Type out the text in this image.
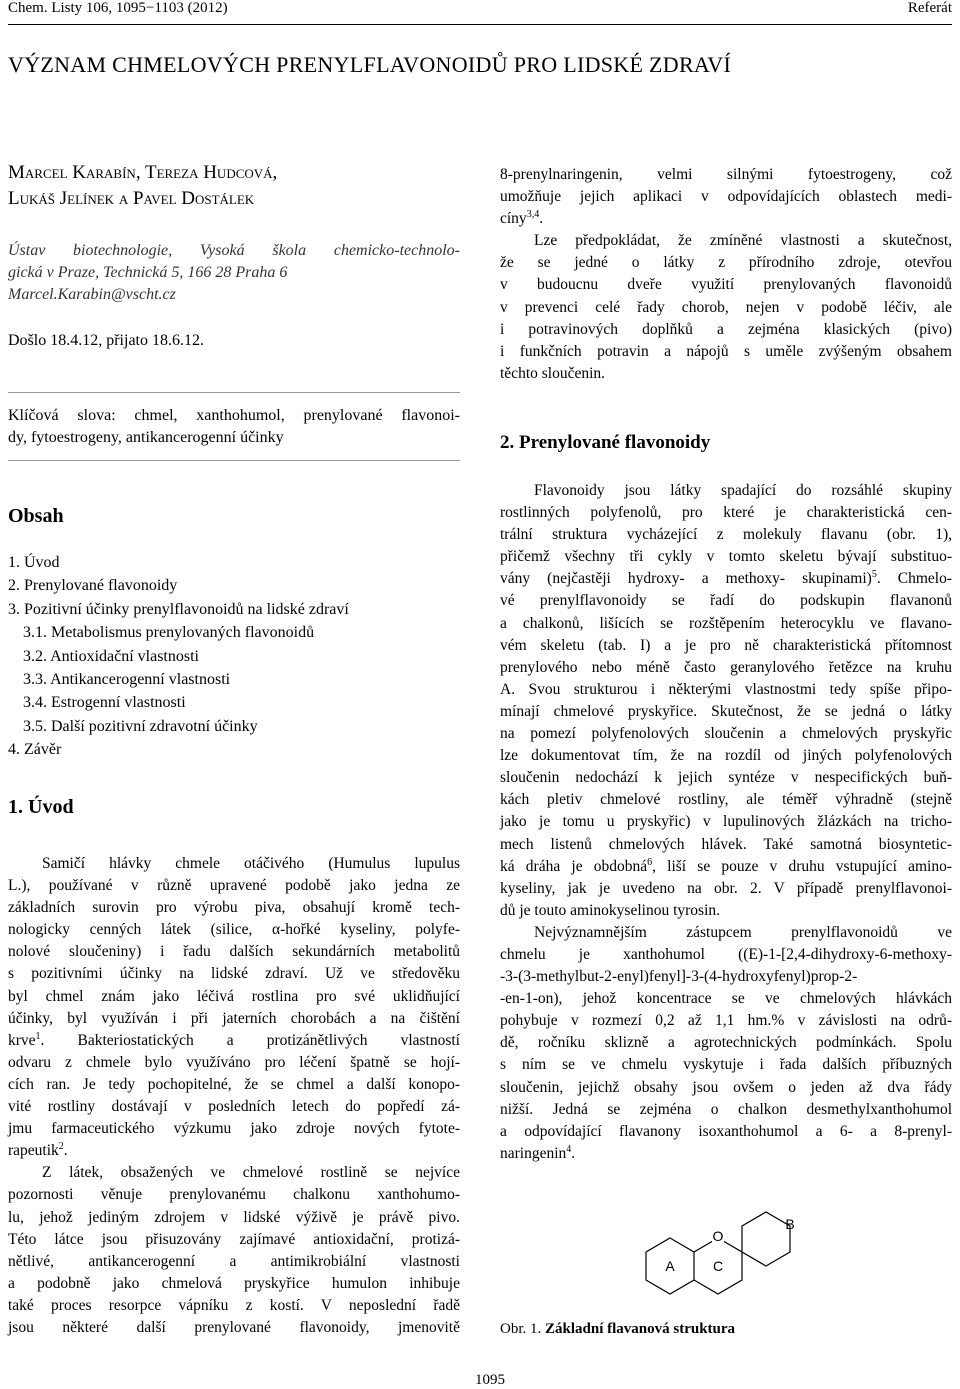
Chem. Listy 106, 1095−1103 (2012)	Referát
VÝZNAM CHMELOVÝCH PRENYLFLAVONOIDŮ PRO LIDSKÉ ZDRAVÍ
Marcel Karabín, Tereza Hudcová,
Lukáš Jelínek a Pavel Dostálek
Ústav biotechnologie, Vysoká škola chemicko-technolo-
gická v Praze, Technická 5, 166 28 Praha 6
Marcel.Karabin@vscht.cz
Došlo 18.4.12, přijato 18.6.12.
Klíčová slova: chmel, xanthohumol, prenylované flavonoi-
dy, fytoestrogeny, antikancerogenní účinky
Obsah
1. Úvod
2. Prenylované flavonoidy
3. Pozitivní účinky prenylflavonoidů na lidské zdraví
3.1. Metabolismus prenylovaných flavonoidů
3.2. Antioxidační vlastnosti
3.3. Antikancerogenní vlastnosti
3.4. Estrogenní vlastnosti
3.5. Další pozitivní zdravotní účinky
4. Závěr
1. Úvod
Samičí hlávky chmele otáčivého (Humulus lupulus
L.), používané v různě upravené podobě jako jedna ze
základních surovin pro výrobu piva, obsahují kromě tech-
nologicky cenných látek (silice, α-hořké kyseliny, polyfe-
nolové sloučeniny) i řadu dalších sekundárních metabolitů
s pozitivními účinky na lidské zdraví. Už ve středověku
byl chmel znám jako léčivá rostlina pro své uklidňující
účinky, byl využíván i při jaterních chorobách a na čištění
krve$^1$. Bakteriostatických a protizánětlivých vlastností
odvaru z chmele bylo využíváno pro léčení špatně se hojí-
cích ran. Je tedy pochopitelné, že se chmel a další konopo-
vité rostliny dostávají v posledních letech do popředí zá-
jmu farmaceutického výzkumu jako zdroje nových fytote-
rapeutik$^2$.
Z látek, obsažených ve chmelové rostlině se nejvíce
pozornosti věnuje prenylovanému chalkonu xanthohumo-
lu, jehož jediným zdrojem v lidské výživě je právě pivo.
Této látce jsou přisuzovány zajímavé antioxidační, protizá-
nětlivé, antikancerogenní a antimikrobiální vlastnosti
a podobně jako chmelová pryskyřice humulon inhibuje
také proces resorpce vápníku z kostí. V neposlední řadě
jsou některé další prenylované flavonoidy, jmenovitě
8-prenylnaringenin, velmi silnými fytoestrogeny, což
umožňuje jejich aplikaci v odpovídajících oblastech medi-
cíny$^{3,4}$.
Lze předpokládat, že zmíněné vlastnosti a skutečnost,
že se jedné o látky z přírodního zdroje, otevřou
v budoucnu dveře využití prenylovaných flavonoidů
v prevenci celé řady chorob, nejen v podobě léčiv, ale
i potravinových doplňků a zejména klasických (pivo)
i funkčních potravin a nápojů s uměle zvýšeným obsahem
těchto sloučenin.
2. Prenylované flavonoidy
Flavonoidy jsou látky spadající do rozsáhlé skupiny
rostlinných polyfenolů, pro které je charakteristická cen-
trální struktura vycházející z molekuly flavanu (obr. 1),
přičemž všechny tři cykly v tomto skeletu bývají substituo-
vány (nejčastěji hydroxy- a methoxy- skupinami)$^5$. Chmelo-
vé prenylflavonoidy se řadí do podskupin flavanonů
a chalkonů, lišících se rozštěpením heterocyklu ve flavano-
vém skeletu (tab. I) a je pro ně charakteristická přítomnost
prenylového nebo méně často geranylového řetězce na kruhu
A. Svou strukturou i některými vlastnostmi tedy spíše připo-
mínají chmelové pryskyřice. Skutečnost, že se jedná o látky
na pomezí polyfenolových sloučenin a chmelových pryskyřic
lze dokumentovat tím, že na rozdíl od jiných polyfenolových
sloučenin nedochází k jejich syntéze v nespecifických buň-
kách pletiv chmelové rostliny, ale téměř výhradně (stejně
jako je tomu u pryskyřic) v lupulinových žlázkách na tricho-
mech listenů chmelových hlávek. Také samotná biosyntetic-
ká dráha je obdobná$^6$, liší se pouze v druhu vstupující amino-
kyseliny, jak je uvedeno na obr. 2. V případě prenylflavonoi-
dů je touto aminokyselinou tyrosin.
Nejvýznamnějším zástupcem prenylflavonoidů ve
chmelu je xanthohumol ((E)-1-[2,4-dihydroxy-6-methoxy-
-3-(3-methylbut-2-enyl)fenyl]-3-(4-hydroxyfenyl)prop-2-
-en-1-on), jehož koncentrace se ve chmelových hlávkách
pohybuje v rozmezí 0,2 až 1,1 hm.% v závislosti na odrů-
dě, ročníku sklizně a agrotechnických podmínkách. Spolu
s ním se ve chmelu vyskytuje i řada dalších příbuzných
sloučenin, jejichž obsahy jsou ovšem o jeden až dva řády
nižší. Jedná se zejména o chalkon desmethylxanthohumol
a odpovídající flavanony isoxanthohumol a 6- a 8-prenyl-
naringenin$^4$.
O
A	C
B
Obr. 1. Základní flavanová struktura
1095
